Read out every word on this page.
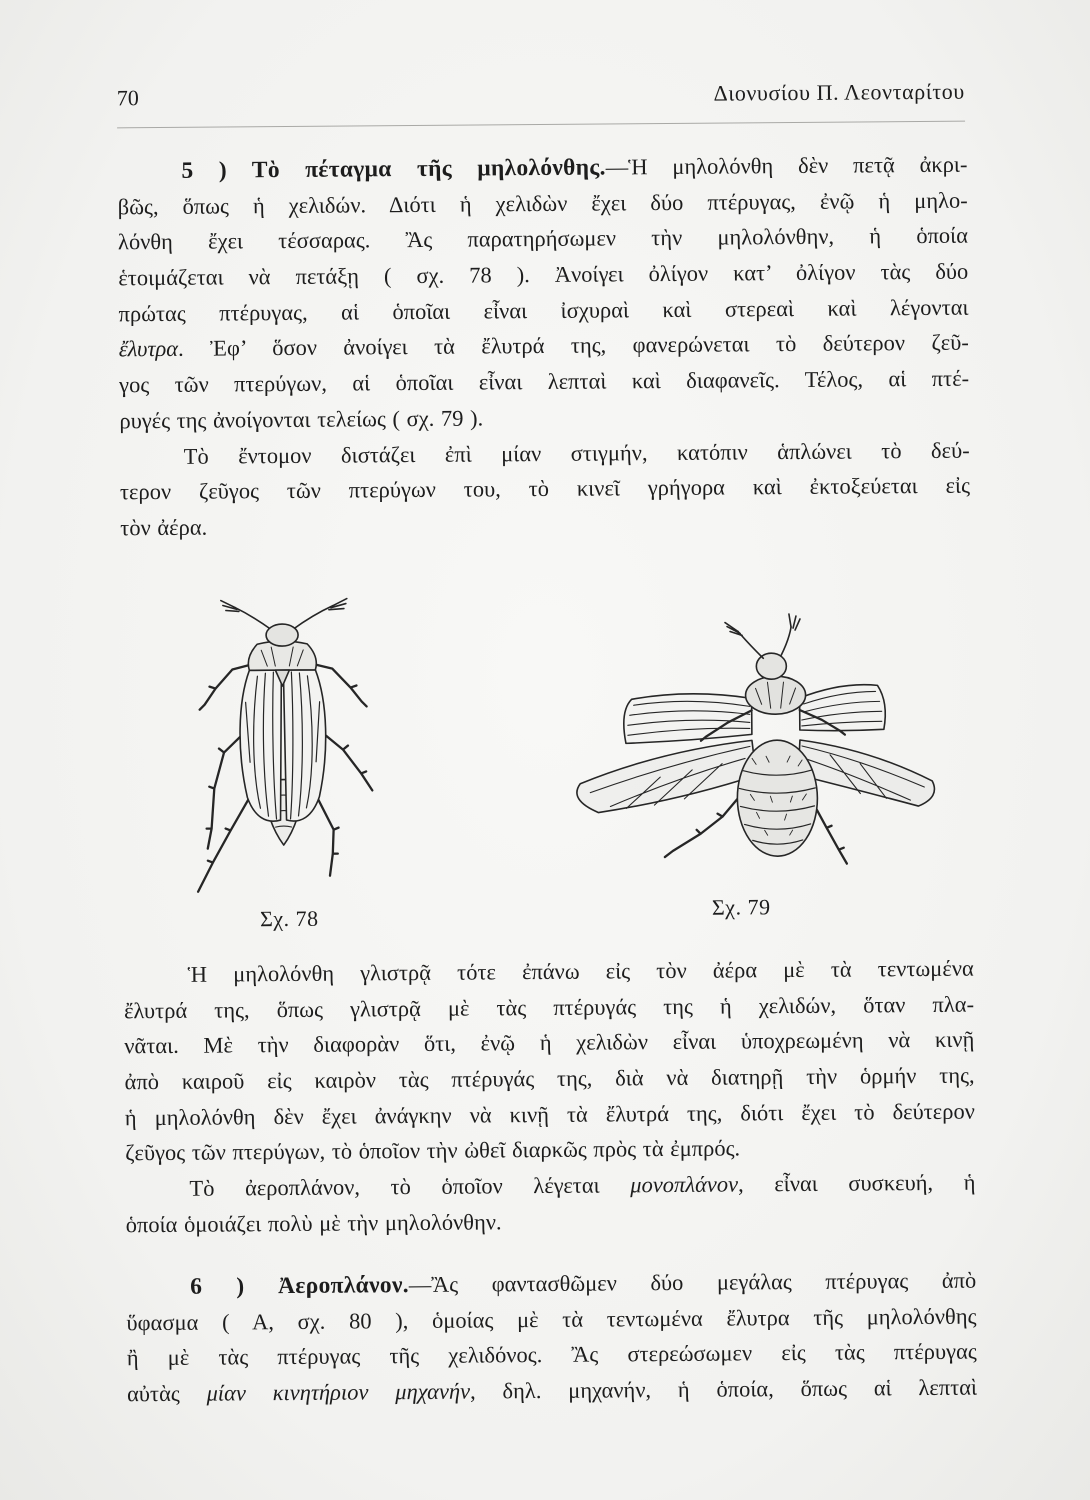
70	Διονυσίου Π. Λεονταρίτου
5 ) Τὸ πέταγμα τῆς μηλολόνθης.—Ἡ μηλολόνθη δὲν πετᾷ ἀκρι-
βῶς, ὅπως ἡ χελιδών. Διότι ἡ χελιδὼν ἔχει δύο πτέρυγας, ἐνῷ ἡ μηλο-
λόνθη ἔχει τέσσαρας. Ἂς παρατηρήσωμεν τὴν μηλολόνθην, ἡ ὁποία
ἑτοιμάζεται νὰ πετάξῃ ( σχ. 78 ). Ἀνοίγει ὀλίγον κατ’ ὀλίγον τὰς δύο
πρώτας πτέρυγας, αἱ ὁποῖαι εἶναι ἰσχυραὶ καὶ στερεαὶ καὶ λέγονται
ἔλυτρα. Ἐφ’ ὅσον ἀνοίγει τὰ ἔλυτρά της, φανερώνεται τὸ δεύτερον ζεῦ-
γος τῶν πτερύγων, αἱ ὁποῖαι εἶναι λεπταὶ καὶ διαφανεῖς. Τέλος, αἱ πτέ-
ρυγές της ἀνοίγονται τελείως ( σχ. 79 ).
Τὸ ἔντομον διστάζει ἐπὶ μίαν στιγμήν, κατόπιν ἁπλώνει τὸ δεύ-
τερον ζεῦγος τῶν πτερύγων του, τὸ κινεῖ γρήγορα καὶ ἐκτοξεύεται εἰς
τὸν ἀέρα.
Σχ. 78	Σχ. 79
Ἡ μηλολόνθη γλιστρᾷ τότε ἐπάνω εἰς τὸν ἀέρα μὲ τὰ τεντωμένα
ἔλυτρά της, ὅπως γλιστρᾷ μὲ τὰς πτέρυγάς της ἡ χελιδών, ὅταν πλα-
νᾶται. Μὲ τὴν διαφορὰν ὅτι, ἐνῷ ἡ χελιδὼν εἶναι ὑποχρεωμένη νὰ κινῇ
ἀπὸ καιροῦ εἰς καιρὸν τὰς πτέρυγάς της, διὰ νὰ διατηρῇ τὴν ὁρμήν της,
ἡ μηλολόνθη δὲν ἔχει ἀνάγκην νὰ κινῇ τὰ ἔλυτρά της, διότι ἔχει τὸ δεύτερον
ζεῦγος τῶν πτερύγων, τὸ ὁποῖον τὴν ὠθεῖ διαρκῶς πρὸς τὰ ἐμπρός.
Τὸ ἀεροπλάνον, τὸ ὁποῖον λέγεται μονοπλάνον, εἶναι συσκευή, ἡ
ὁποία ὁμοιάζει πολὺ μὲ τὴν μηλολόνθην.
6 ) Ἀεροπλάνον.—Ἂς φαντασθῶμεν δύο μεγάλας πτέρυγας ἀπὸ
ὕφασμα ( Α, σχ. 80 ), ὁμοίας μὲ τὰ τεντωμένα ἔλυτρα τῆς μηλολόνθης
ἢ μὲ τὰς πτέρυγας τῆς χελιδόνος. Ἂς στερεώσωμεν εἰς τὰς πτέρυγας
αὐτὰς μίαν κινητήριον μηχανήν, δηλ. μηχανήν, ἡ ὁποία, ὅπως αἱ λεπταὶ
